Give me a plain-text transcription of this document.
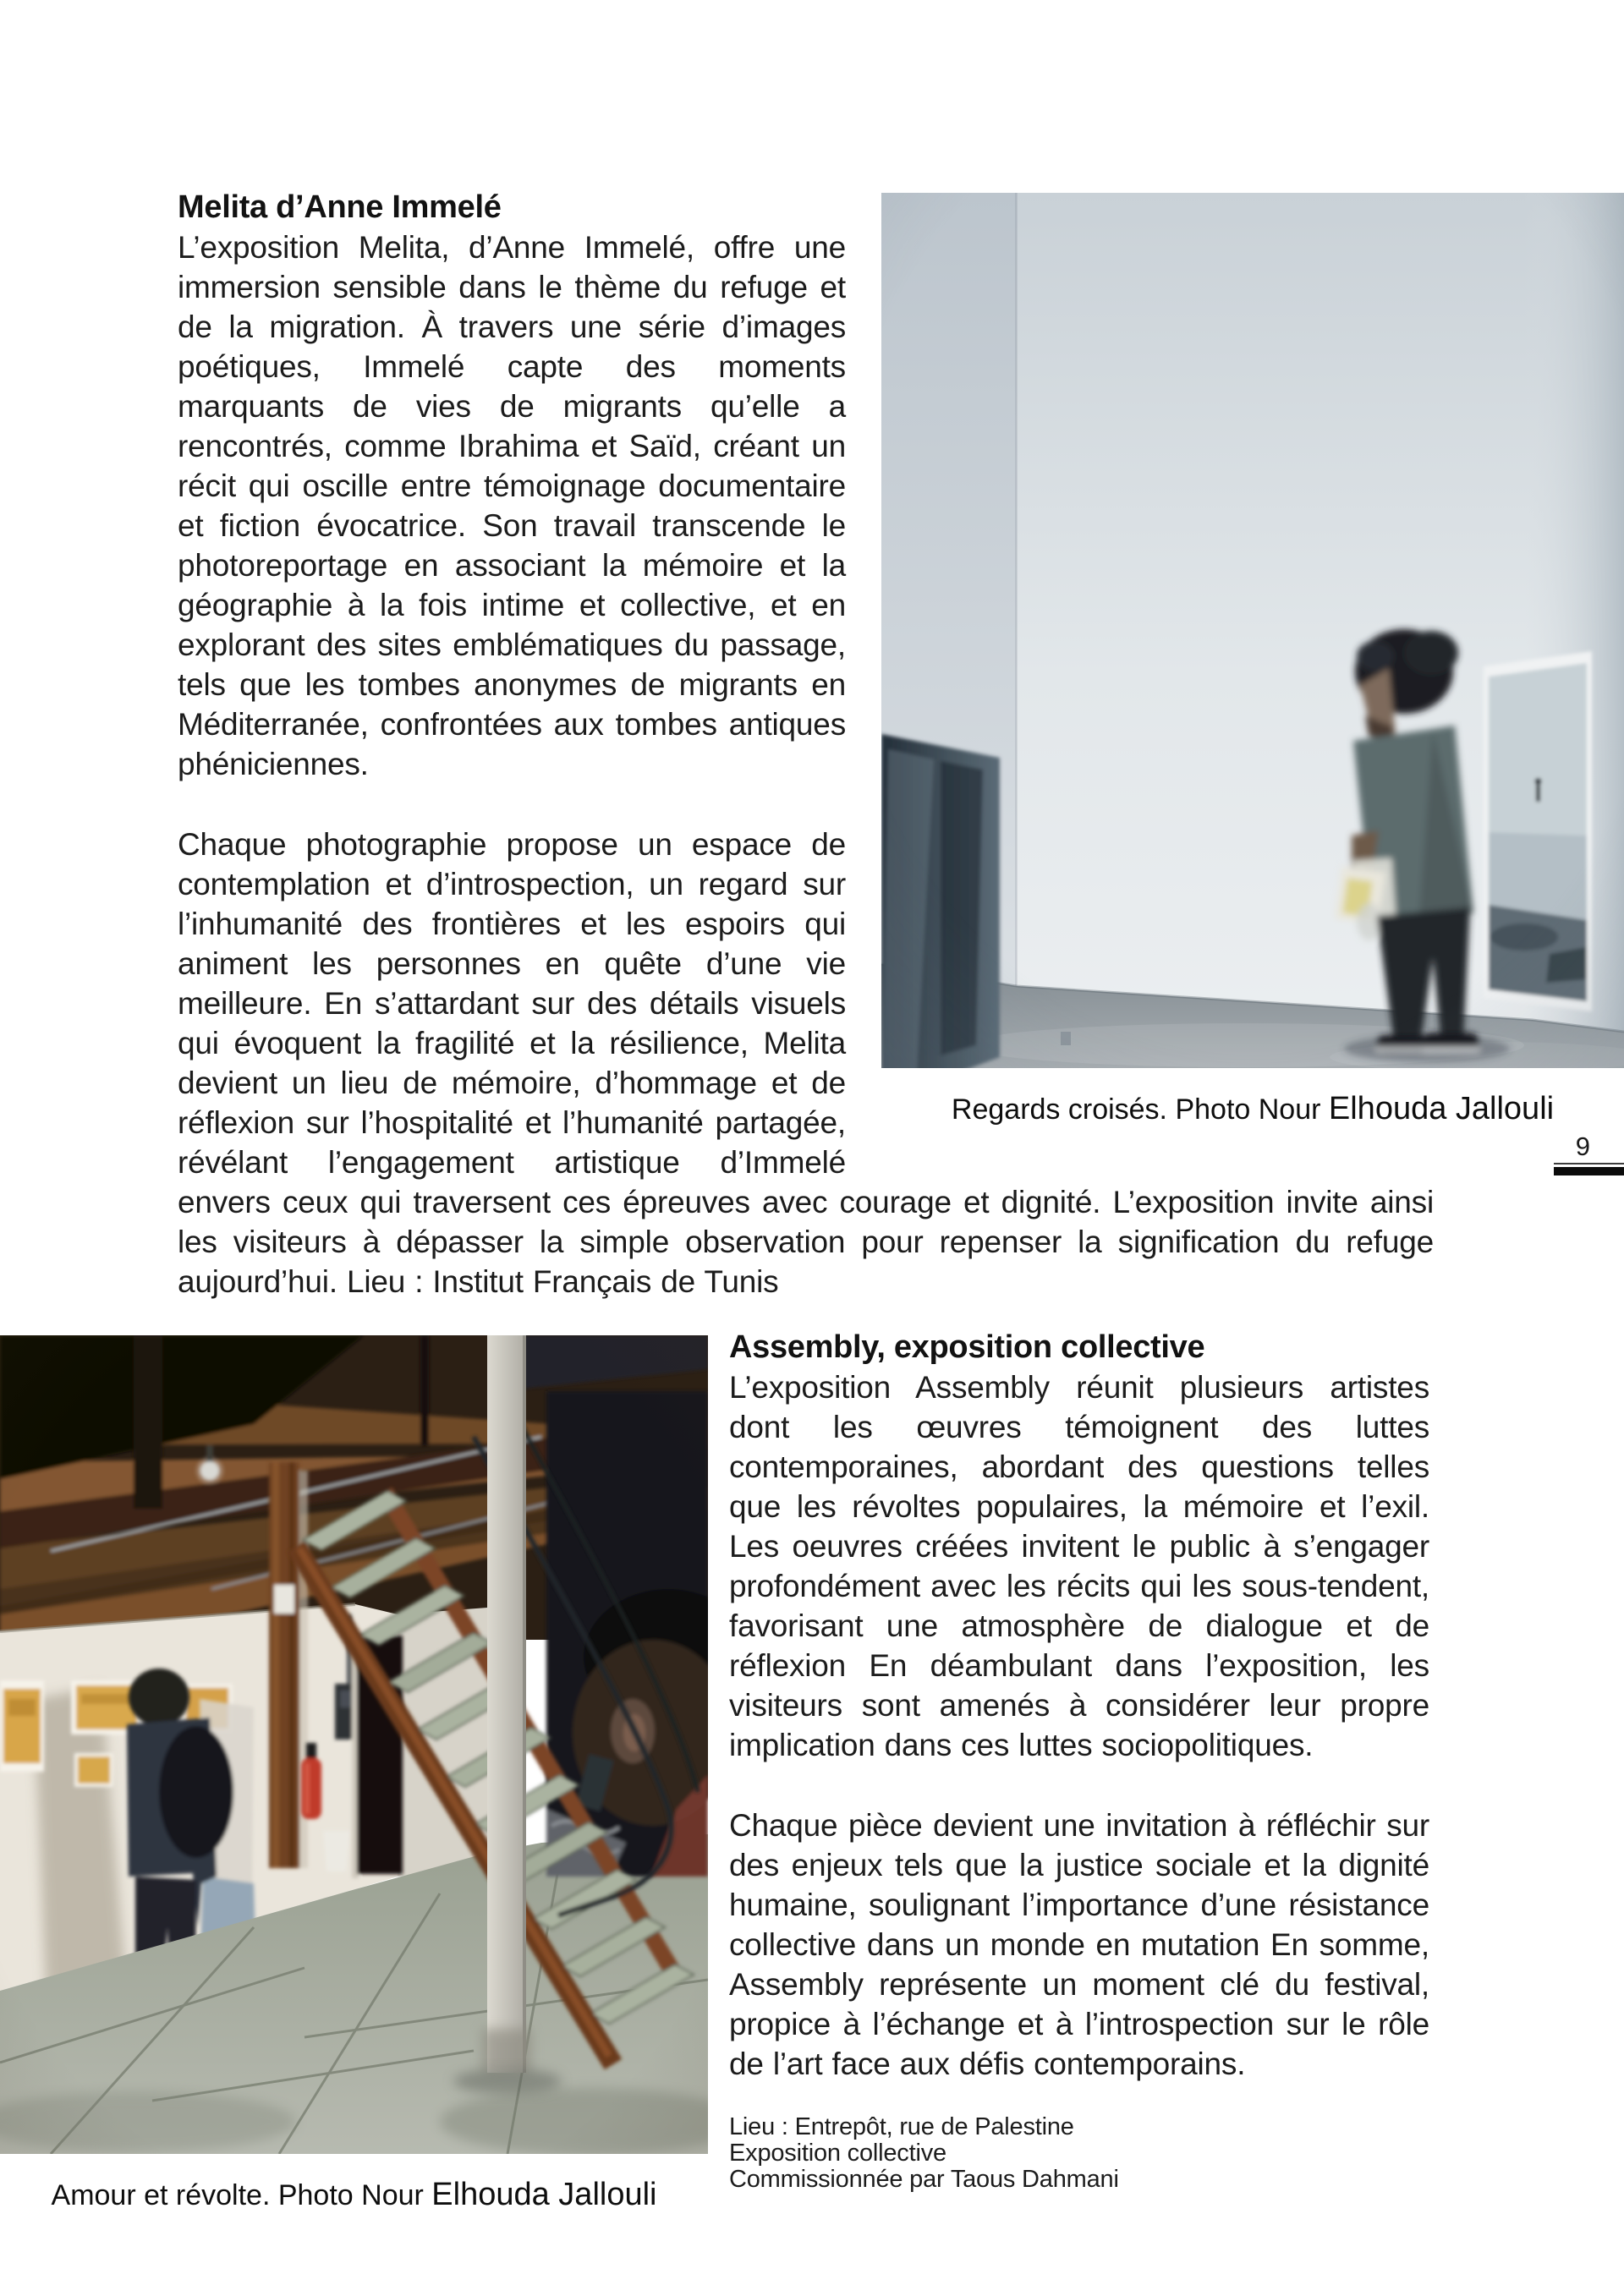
Regards croisés. Photo Nour Elhouda Jallouli
9
Melita d’Anne Immelé

L’exposition Melita, d’Anne Immelé, offre une immersion sensible dans le thème du refuge et de la migration. À travers une série d’images poétiques, Immelé capte des moments marquants de vies de migrants qu’elle a rencontrés, comme Ibrahima et Saïd, créant un récit qui oscille entre témoignage documentaire et fiction évocatrice. Son travail transcende le photoreportage en associant la mémoire et la géographie à la fois intime et collective, et en explorant des sites emblématiques du passage, tels que les tombes anonymes de migrants en Méditerranée, confrontées aux tombes antiques phéniciennes.

Chaque photographie propose un espace de contemplation et d’introspection, un regard sur l’inhumanité des frontières et les espoirs qui animent les personnes en quête d’une vie meilleure. En s’attardant sur des détails visuels qui évoquent la fragilité et la résilience, Melita devient un lieu de mémoire, d’hommage et de réflexion sur l’hospitalité et l’humanité partagée, révélant l’engagement artistique d’Immelé envers ceux qui traversent ces épreuves avec courage et dignité. L’exposition invite ainsi les visiteurs à dépasser la simple observation pour repenser la signification du refuge aujourd’hui. Lieu : Institut Français de Tunis

Amour et révolte. Photo Nour Elhouda Jallouli
Assembly, exposition collective

L’exposition Assembly réunit plusieurs artistes dont les œuvres témoignent des luttes contemporaines, abordant des questions telles que les révoltes populaires, la mémoire et l’exil. Les oeuvres créées invitent le public à s’engager profondément avec les récits qui les sous-tendent, favorisant une atmosphère de dialogue et de réflexion En déambulant dans l’exposition, les visiteurs sont amenés à considérer leur propre implication dans ces luttes sociopolitiques.

Chaque pièce devient une invitation à réfléchir sur des enjeux tels que la justice sociale et la dignité humaine, soulignant l’importance d’une résistance collective dans un monde en mutation En somme, Assembly représente un moment clé du festival, propice à l’échange et à l’introspection sur le rôle de l’art face aux défis contemporains.

Lieu : Entrepôt, rue de Palestine
Exposition collective
Commissionnée par Taous Dahmani
